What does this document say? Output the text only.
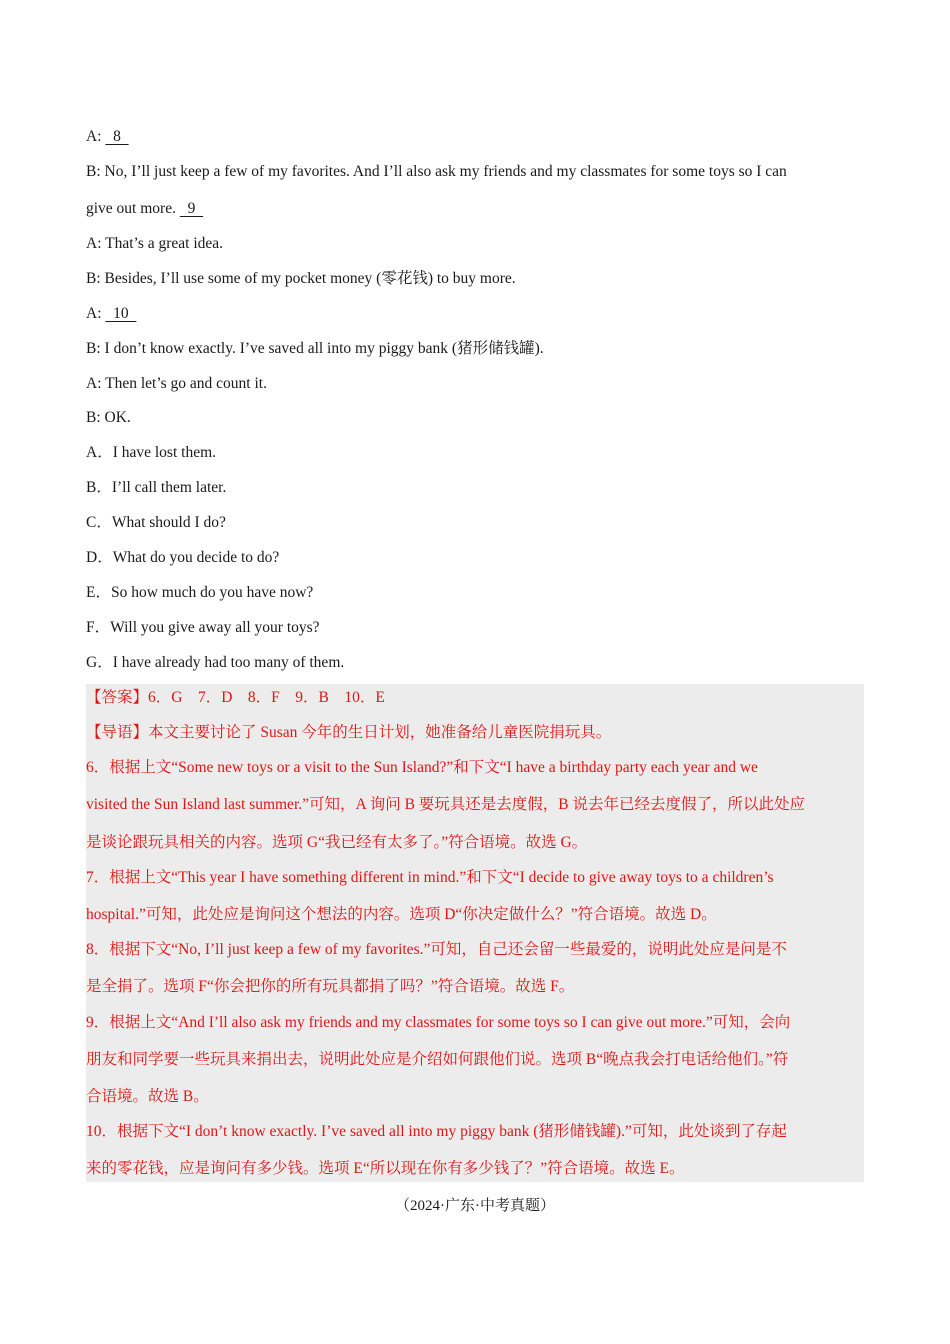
A:   8
B: No, I’ll just keep a few of my favorites. And I’ll also ask my friends and my classmates for some toys so I can
give out more.   9
A: That’s a great idea.
B: Besides, I’ll use some of my pocket money (零花钱) to buy more.
A:   10
B: I don’t know exactly. I’ve saved all into my piggy bank (猪形储钱罐).
A: Then let’s go and count it.
B: OK.
A．I have lost them.
B．I’ll call them later.
C．What should I do?
D．What do you decide to do?
E．So how much do you have now?
F．Will you give away all your toys?
G．I have already had too many of them.
【答案】6．G　7．D　8．F　9．B　10．E
【导语】本文主要讨论了 Susan 今年的生日计划，她准备给儿童医院捐玩具。
6．根据上文“Some new toys or a visit to the Sun Island?”和下文“I have a birthday party each year and we
visited the Sun Island last summer.”可知，A 询问 B 要玩具还是去度假，B 说去年已经去度假了，所以此处应
是谈论跟玩具相关的内容。选项 G“我已经有太多了。”符合语境。故选 G。
7．根据上文“This year I have something different in mind.”和下文“I decide to give away toys to a children’s
hospital.”可知，此处应是询问这个想法的内容。选项 D“你决定做什么？”符合语境。故选 D。
8．根据下文“No, I’ll just keep a few of my favorites.”可知，自己还会留一些最爱的，说明此处应是问是不
是全捐了。选项 F“你会把你的所有玩具都捐了吗？”符合语境。故选 F。
9．根据上文“And I’ll also ask my friends and my classmates for some toys so I can give out more.”可知，会向
朋友和同学要一些玩具来捐出去，说明此处应是介绍如何跟他们说。选项 B“晚点我会打电话给他们。”符
合语境。故选 B。
10．根据下文“I don’t know exactly. I’ve saved all into my piggy bank (猪形储钱罐).”可知，此处谈到了存起
来的零花钱，应是询问有多少钱。选项 E“所以现在你有多少钱了？”符合语境。故选 E。
（2024·广东·中考真题）
